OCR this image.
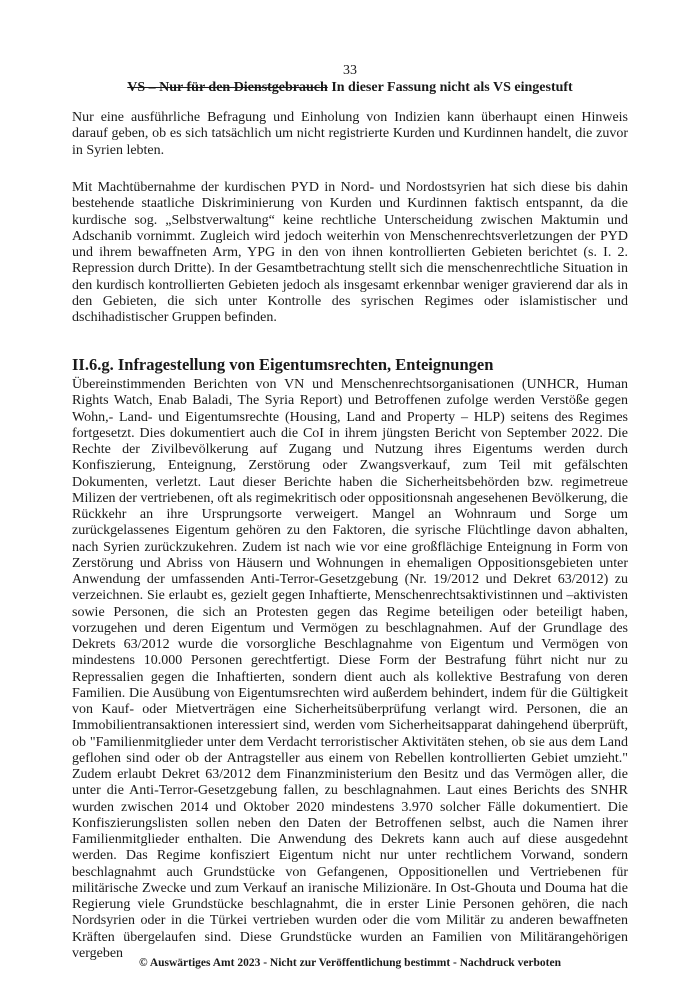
33
VS – Nur für den Dienstgebrauch In dieser Fassung nicht als VS eingestuft

Nur eine ausführliche Befragung und Einholung von Indizien kann überhaupt einen Hinweis darauf geben, ob es sich tatsächlich um nicht registrierte Kurden und Kurdinnen handelt, die zuvor in Syrien lebten.

Mit Machtübernahme der kurdischen PYD in Nord- und Nordostsyrien hat sich diese bis dahin bestehende staatliche Diskriminierung von Kurden und Kurdinnen faktisch entspannt, da die kurdische sog. „Selbstverwaltung“ keine rechtliche Unterscheidung zwischen Maktumin und Adschanib vornimmt. Zugleich wird jedoch weiterhin von Menschenrechtsverletzungen der PYD und ihrem bewaffneten Arm, YPG in den von ihnen kontrollierten Gebieten berichtet (s. I. 2. Repression durch Dritte). In der Gesamtbetrachtung stellt sich die menschenrechtliche Situation in den kurdisch kontrollierten Gebieten jedoch als insgesamt erkennbar weniger gravierend dar als in den Gebieten, die sich unter Kontrolle des syrischen Regimes oder islamistischer und dschihadistischer Gruppen befinden.

II.6.g. Infragestellung von Eigentumsrechten, Enteignungen

Übereinstimmenden Berichten von VN und Menschenrechtsorganisationen (UNHCR, Human Rights Watch, Enab Baladi, The Syria Report) und Betroffenen zufolge werden Verstöße gegen Wohn,- Land- und Eigentumsrechte (Housing, Land and Property – HLP) seitens des Regimes fortgesetzt. Dies dokumentiert auch die CoI in ihrem jüngsten Bericht von September 2022. Die Rechte der Zivilbevölkerung auf Zugang und Nutzung ihres Eigentums werden durch Konfiszierung, Enteignung, Zerstörung oder Zwangsverkauf, zum Teil mit gefälschten Dokumenten, verletzt. Laut dieser Berichte haben die Sicherheitsbehörden bzw. regimetreue Milizen der vertriebenen, oft als regimekritisch oder oppositionsnah angesehenen Bevölkerung, die Rückkehr an ihre Ursprungsorte verweigert. Mangel an Wohnraum und Sorge um zurückgelassenes Eigentum gehören zu den Faktoren, die syrische Flüchtlinge davon abhalten, nach Syrien zurückzukehren. Zudem ist nach wie vor eine großflächige Enteignung in Form von Zerstörung und Abriss von Häusern und Wohnungen in ehemaligen Oppositionsgebieten unter Anwendung der umfassenden Anti-Terror-Gesetzgebung (Nr. 19/2012 und Dekret 63/2012) zu verzeichnen. Sie erlaubt es, gezielt gegen Inhaftierte, Menschenrechtsaktivistinnen und –aktivisten sowie Personen, die sich an Protesten gegen das Regime beteiligen oder beteiligt haben, vorzugehen und deren Eigentum und Vermögen zu beschlagnahmen. Auf der Grundlage des Dekrets 63/2012 wurde die vorsorgliche Beschlagnahme von Eigentum und Vermögen von mindestens 10.000 Personen gerechtfertigt. Diese Form der Bestrafung führt nicht nur zu Repressalien gegen die Inhaftierten, sondern dient auch als kollektive Bestrafung von deren Familien. Die Ausübung von Eigentumsrechten wird außerdem behindert, indem für die Gültigkeit von Kauf- oder Mietverträgen eine Sicherheitsüberprüfung verlangt wird. Personen, die an Immobilientransaktionen interessiert sind, werden vom Sicherheitsapparat dahingehend überprüft, ob "Familienmitglieder unter dem Verdacht terroristischer Aktivitäten stehen, ob sie aus dem Land geflohen sind oder ob der Antragsteller aus einem von Rebellen kontrollierten Gebiet umzieht." Zudem erlaubt Dekret 63/2012 dem Finanzministerium den Besitz und das Vermögen aller, die unter die Anti-Terror-Gesetzgebung fallen, zu beschlagnahmen. Laut eines Berichts des SNHR wurden zwischen 2014 und Oktober 2020 mindestens 3.970 solcher Fälle dokumentiert. Die Konfiszierungslisten sollen neben den Daten der Betroffenen selbst, auch die Namen ihrer Familienmitglieder enthalten. Die Anwendung des Dekrets kann auch auf diese ausgedehnt werden. Das Regime konfisziert Eigentum nicht nur unter rechtlichem Vorwand, sondern beschlagnahmt auch Grundstücke von Gefangenen, Oppositionellen und Vertriebenen für militärische Zwecke und zum Verkauf an iranische Milizionäre. In Ost-Ghouta und Douma hat die Regierung viele Grundstücke beschlagnahmt, die in erster Linie Personen gehören, die nach Nordsyrien oder in die Türkei vertrieben wurden oder die vom Militär zu anderen bewaffneten Kräften übergelaufen sind. Diese Grundstücke wurden an Familien von Militärangehörigen vergeben

© Auswärtiges Amt 2023 - Nicht zur Veröffentlichung bestimmt - Nachdruck verboten
